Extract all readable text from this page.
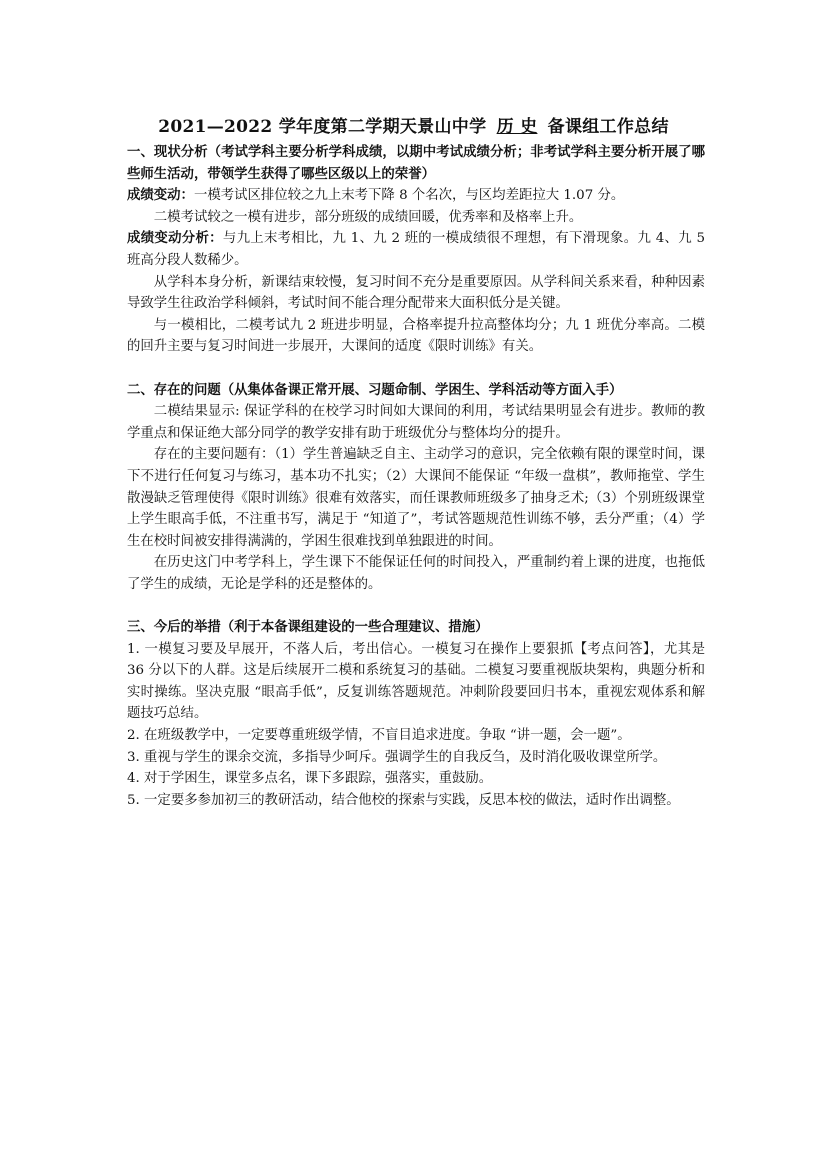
2021—2022 学年度第二学期天景山中学 历 史 备课组工作总结

一、现状分析（考试学科主要分析学科成绩，以期中考试成绩分析；非考试学科主要分析开展了哪些师生活动，带领学生获得了哪些区级以上的荣誉）

成绩变动：一模考试区排位较之九上末考下降 8 个名次，与区均差距拉大 1.07 分。

二模考试较之一模有进步，部分班级的成绩回暖，优秀率和及格率上升。

成绩变动分析：与九上末考相比，九 1、九 2 班的一模成绩很不理想，有下滑现象。九 4、九 5 班高分段人数稀少。

从学科本身分析，新课结束较慢，复习时间不充分是重要原因。从学科间关系来看，种种因素导致学生往政治学科倾斜，考试时间不能合理分配带来大面积低分是关键。

与一模相比，二模考试九 2 班进步明显，合格率提升拉高整体均分；九 1 班优分率高。二模的回升主要与复习时间进一步展开，大课间的适度《限时训练》有关。

二、存在的问题（从集体备课正常开展、习题命制、学困生、学科活动等方面入手）

二模结果显示: 保证学科的在校学习时间如大课间的利用，考试结果明显会有进步。教师的教学重点和保证绝大部分同学的教学安排有助于班级优分与整体均分的提升。

存在的主要问题有：（1）学生普遍缺乏自主、主动学习的意识，完全依赖有限的课堂时间，课下不进行任何复习与练习，基本功不扎实；（2）大课间不能保证 “年级一盘棋”，教师拖堂、学生散漫缺乏管理使得《限时训练》很难有效落实，而任课教师班级多了抽身乏术;（3）个别班级课堂上学生眼高手低，不注重书写，满足于 “知道了”，考试答题规范性训练不够，丢分严重；（4）学生在校时间被安排得满满的，学困生很难找到单独跟进的时间。

在历史这门中考学科上，学生课下不能保证任何的时间投入，严重制约着上课的进度，也拖低了学生的成绩，无论是学科的还是整体的。

三、今后的举措（利于本备课组建设的一些合理建议、措施）

1. 一模复习要及早展开，不落人后，考出信心。一模复习在操作上要狠抓【考点问答】，尤其是 36 分以下的人群。这是后续展开二模和系统复习的基础。二模复习要重视版块架构，典题分析和实时操练。坚决克服 “眼高手低”，反复训练答题规范。冲刺阶段要回归书本，重视宏观体系和解题技巧总结。

2. 在班级教学中，一定要尊重班级学情，不盲目追求进度。争取 “讲一题，会一题”。

3. 重视与学生的课余交流，多指导少呵斥。强调学生的自我反刍，及时消化吸收课堂所学。

4. 对于学困生，课堂多点名，课下多跟踪，强落实，重鼓励。

5. 一定要多参加初三的教研活动，结合他校的探索与实践，反思本校的做法，适时作出调整。
